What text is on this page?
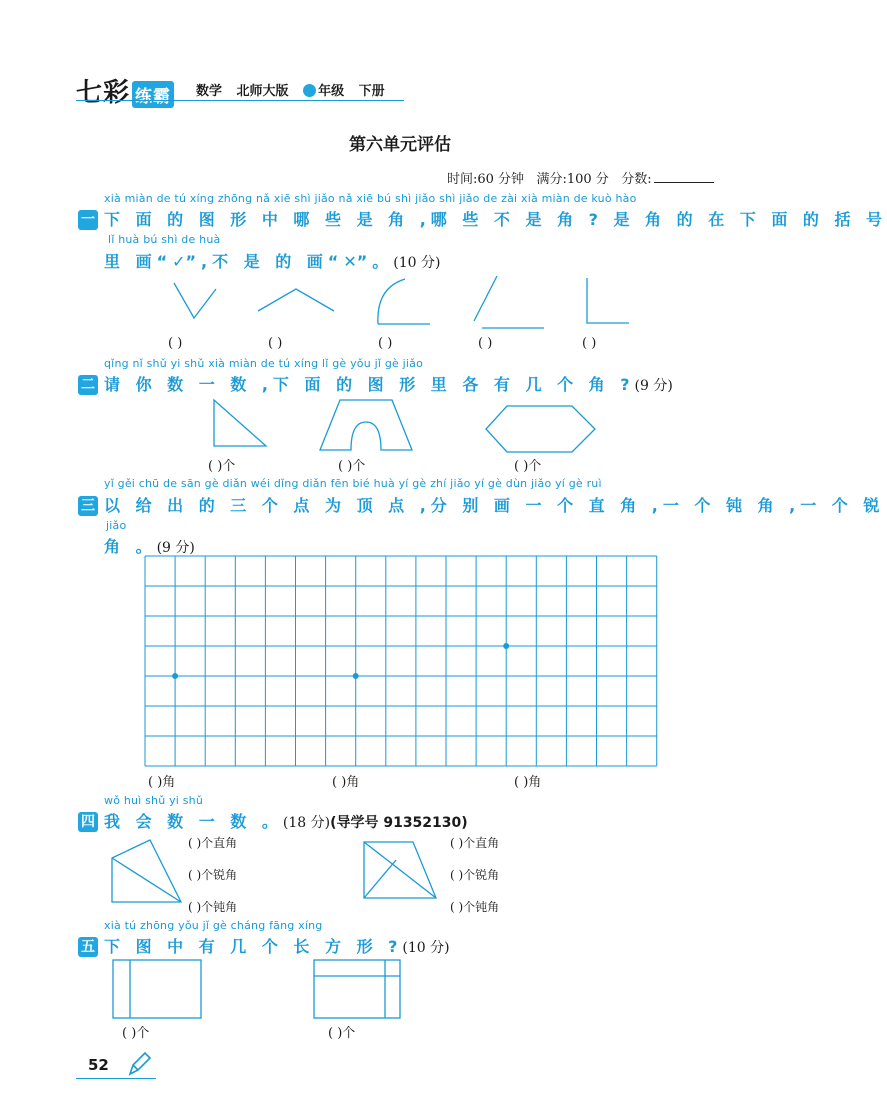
七彩 练霸 数学 北师大版 年级 下册
第六单元评估
时间:60 分钟 满分:100 分 分数:
xià miàn de tú xíng zhōng nǎ xiē shì jiǎo nǎ xiē bú shì jiǎo shì jiǎo de zài xià miàn de kuò hào
一 下 面 的 图 形 中 哪 些 是 角 ,哪 些 不 是 角 ? 是 角 的 在 下 面 的 括 号
lǐ huà bú shì de huà
里 画“✓”,不 是 的 画“✕”。(10 分)
( )	( )	( )	( )	( )
qǐng nǐ shǔ yi shǔ xià miàn de tú xíng lǐ gè yǒu jǐ gè jiǎo
二 请 你 数 一 数 ,下 面 的 图 形 里 各 有 几 个 角 ?(9 分)
( )个	( )个	( )个
yǐ gěi chū de sān gè diǎn wéi dǐng diǎn fēn bié huà yí gè zhí jiǎo yí gè dùn jiǎo yí gè ruì
三 以 给 出 的 三 个 点 为 顶 点 ,分 别 画 一 个 直 角 ,一 个 钝 角 ,一 个 锐
jiǎo
角 。(9 分)
( )角	( )角	( )角
wǒ huì shǔ yi shǔ
四 我 会 数 一 数 。(18 分)(导学号 91352130)
( )个直角
( )个锐角
( )个钝角
( )个直角
( )个锐角
( )个钝角
xià tú zhōng yǒu jǐ gè cháng fāng xíng
五 下 图 中 有 几 个 长 方 形 ?(10 分)
( )个	( )个
52
